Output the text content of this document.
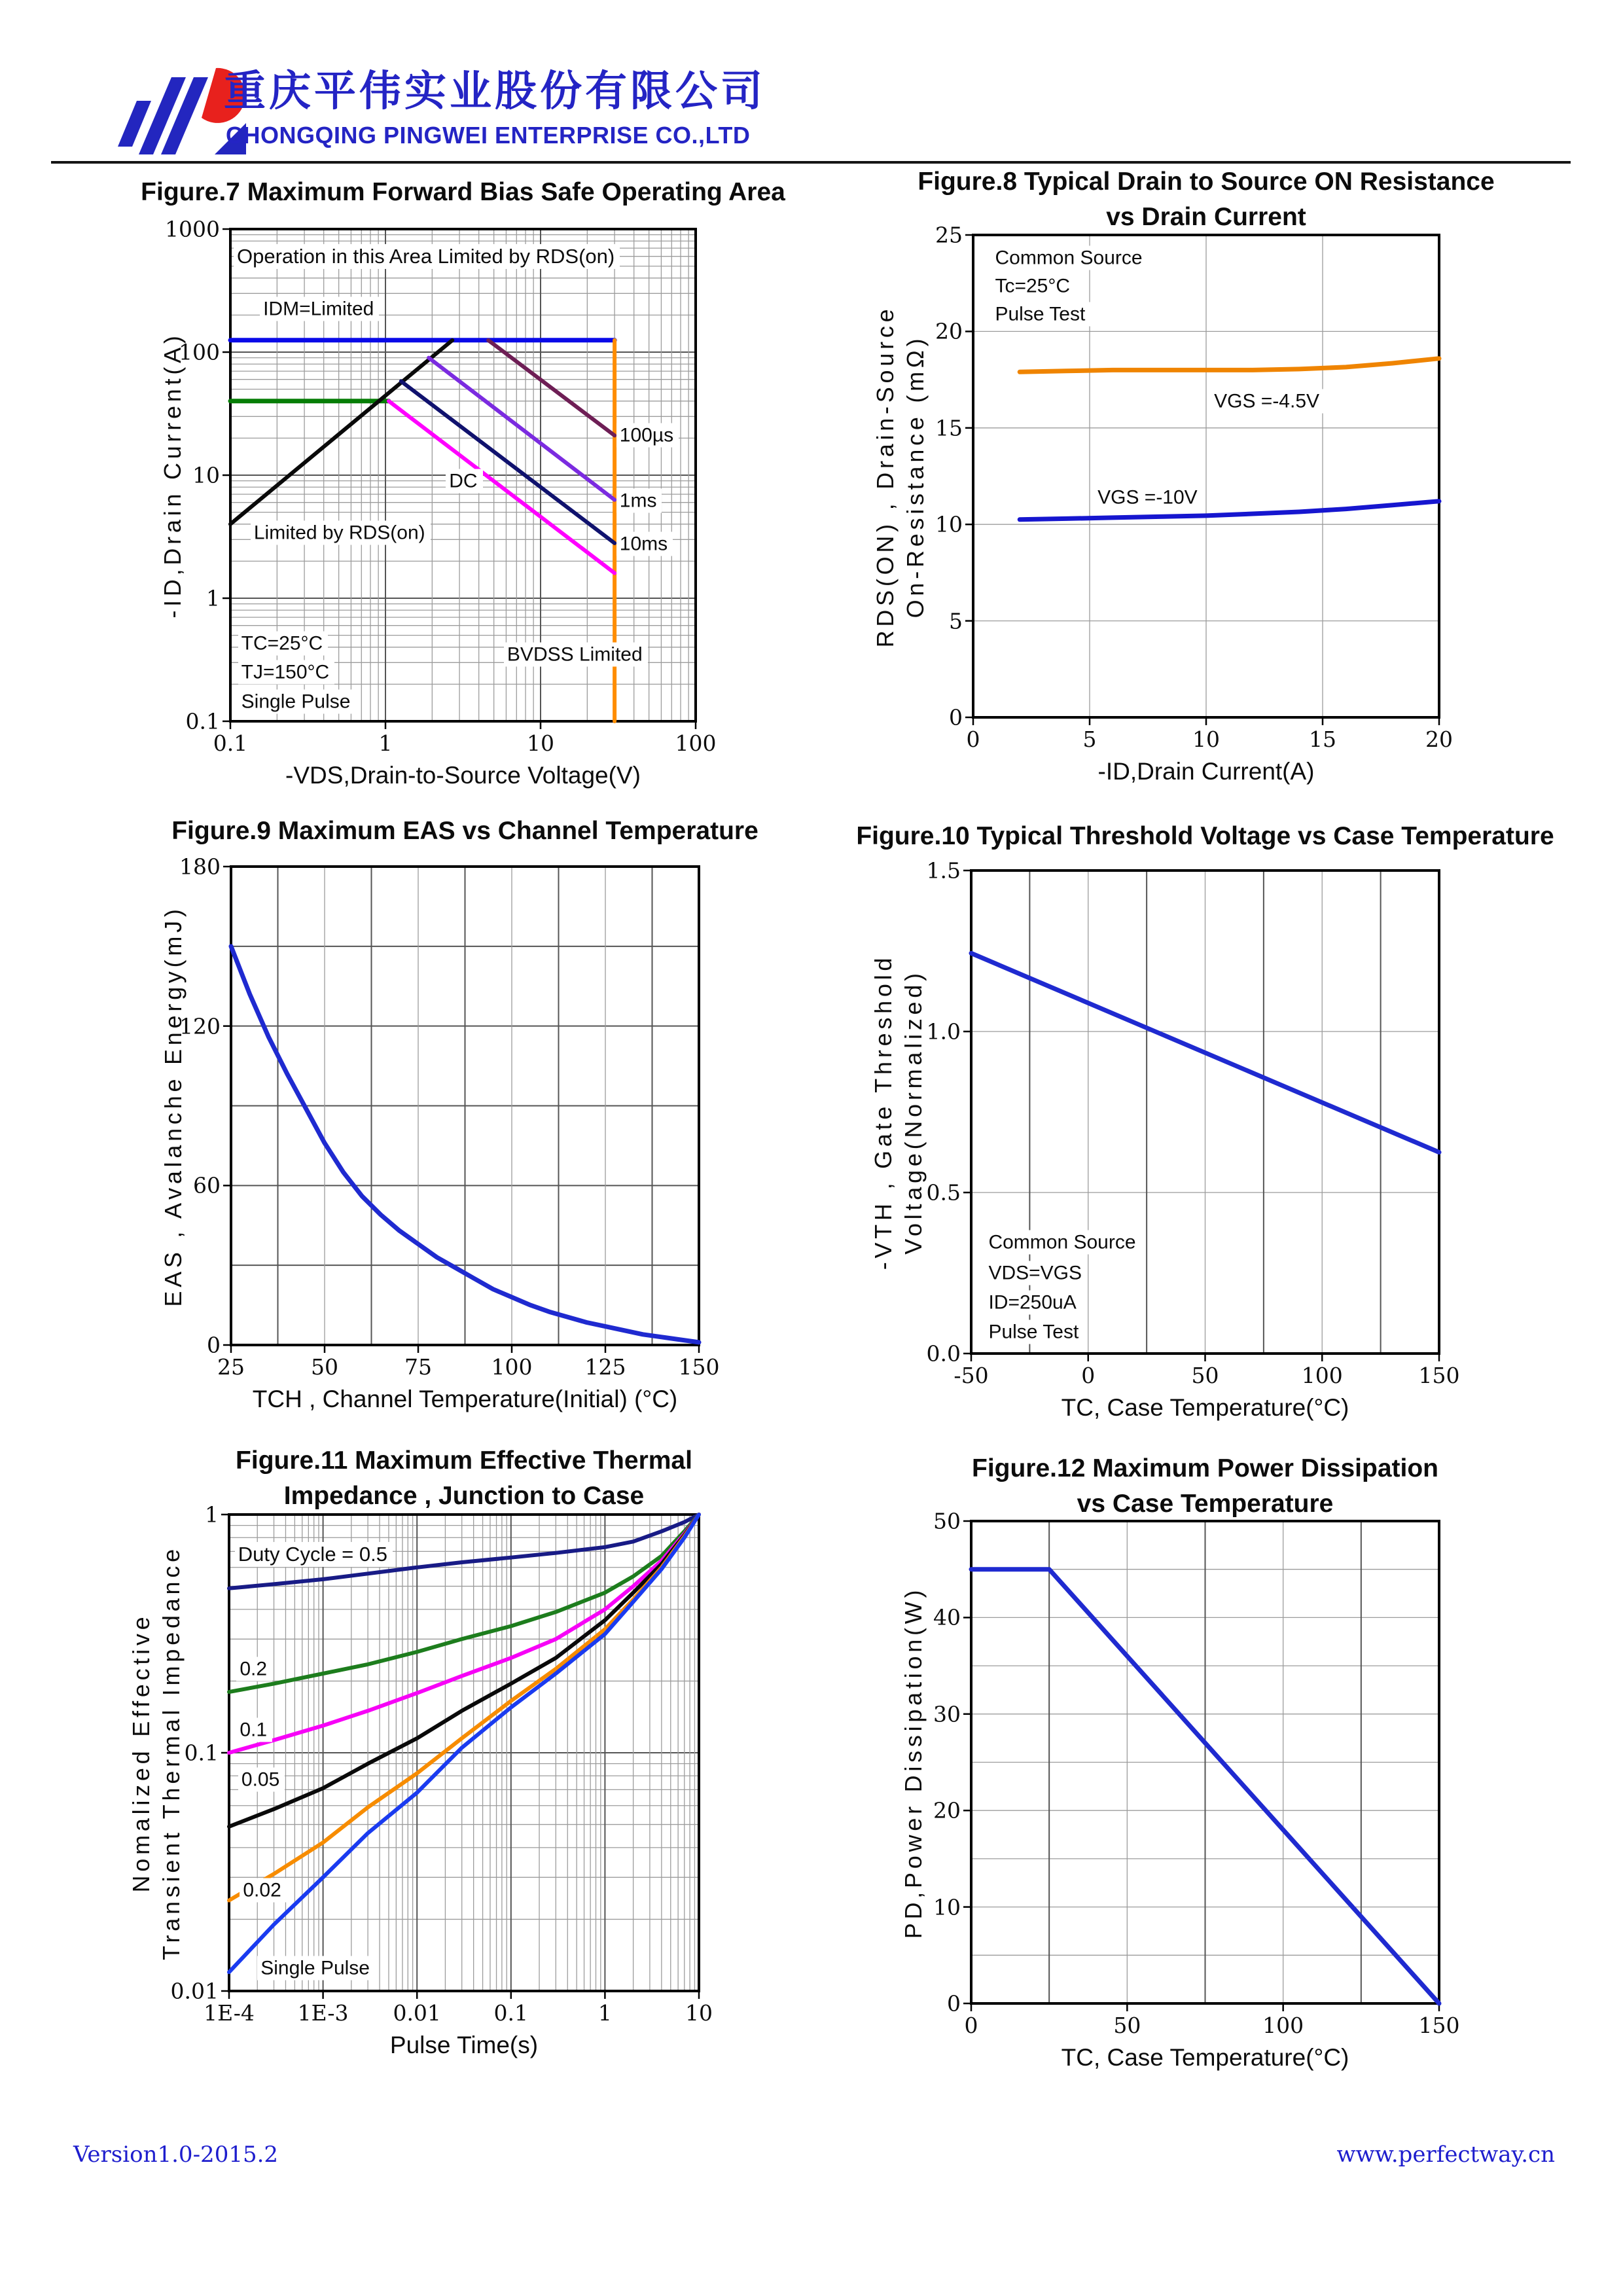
重庆平伟实业股份有限公司
CHONGQING PINGWEI ENTERPRISE CO.,LTD
Version1.0-2015.2	www.perfectway.cn
Figure.7 Maximum Forward Bias Safe Operating Area
0.1	1	10	100
0.1
1
10
100
1000
-VDS,Drain-to-Source Voltage(V)
-ID,Drain Current(A)
Operation in this Area Limited by RDS(on)
IDM=Limited
100µs
DC
1ms
10ms
Limited by RDS(on)
TC=25°C
TJ=150°C
Single Pulse
BVDSS Limited
Figure.8 Typical Drain to Source ON Resistance
vs Drain Current
0	5	10	15	20
0
5
10
15
20
25
-ID,Drain Current(A)
RDS(ON) , Drain-Source On-Resistance (mΩ)
Common Source
Tc=25°C
Pulse Test
VGS =-4.5V
VGS =-10V
Figure.9 Maximum EAS vs Channel Temperature
25	50	75	100 125 150
0
60
120
180
TCH , Channel Temperature(Initial) (°C)
EAS , Avalanche Energy(mJ)
Figure.10 Typical Threshold Voltage vs Case Temperature
-50	0	50	100	150
0.0
0.5
1.0
1.5
TC, Case Temperature(°C)
-VTH , Gate Threshold Voltage(Normalized)	Common Source
VDS=VGS
ID=250uA
Pulse Test
Figure.11 Maximum Effective Thermal
Impedance , Junction to Case
1E-4 1E-3 0.01 0.1	1	10
0.01
0.1
1
Pulse Time(s)
Nomalized Effective Transient Thermal Impedance	Duty Cycle = 0.5
0.2
0.1
0.05
0.02
Single Pulse
Figure.12 Maximum Power Dissipation
vs Case Temperature
0	50	100	150
0
10
20
30
40
50
TC, Case Temperature(°C)
PD,Power Dissipation(W)
